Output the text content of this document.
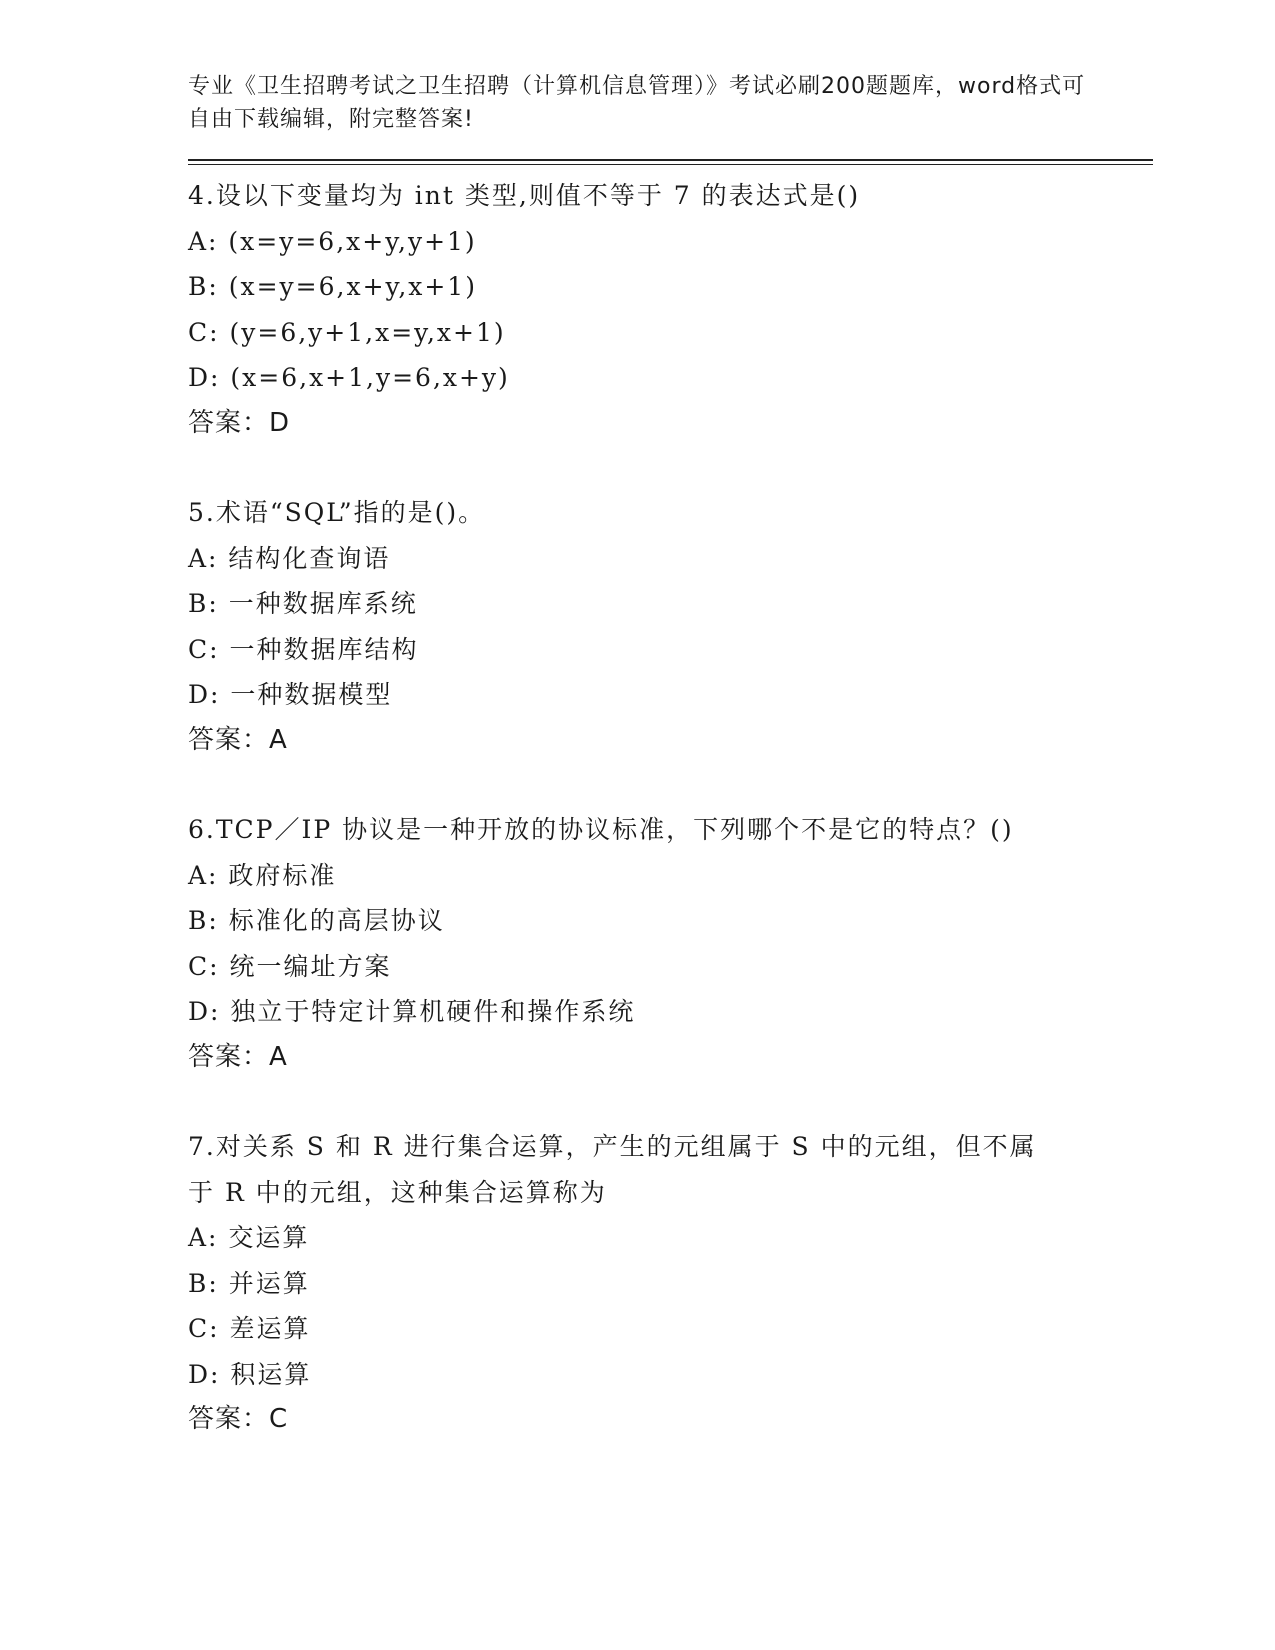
专业《卫生招聘考试之卫生招聘（计算机信息管理）》考试必刷200题题库，word格式可自由下载编辑，附完整答案!

4.设以下变量均为 int 类型,则值不等于 7 的表达式是()

A: (x=y=6,x+y,y+1)

B: (x=y=6,x+y,x+1)

C: (y=6,y+1,x=y,x+1)

D: (x=6,x+1,y=6,x+y)

答案：D

5.术语“SQL”指的是()。

A: 结构化查询语

B: 一种数据库系统

C: 一种数据库结构

D: 一种数据模型

答案：A

6.TCP／IP 协议是一种开放的协议标准，下列哪个不是它的特点？()

A: 政府标准

B: 标准化的高层协议

C: 统一编址方案

D: 独立于特定计算机硬件和操作系统

答案：A

7.对关系 S 和 R 进行集合运算，产生的元组属于 S 中的元组，但不属于 R 中的元组，这种集合运算称为

A: 交运算

B: 并运算

C: 差运算

D: 积运算

答案：C
